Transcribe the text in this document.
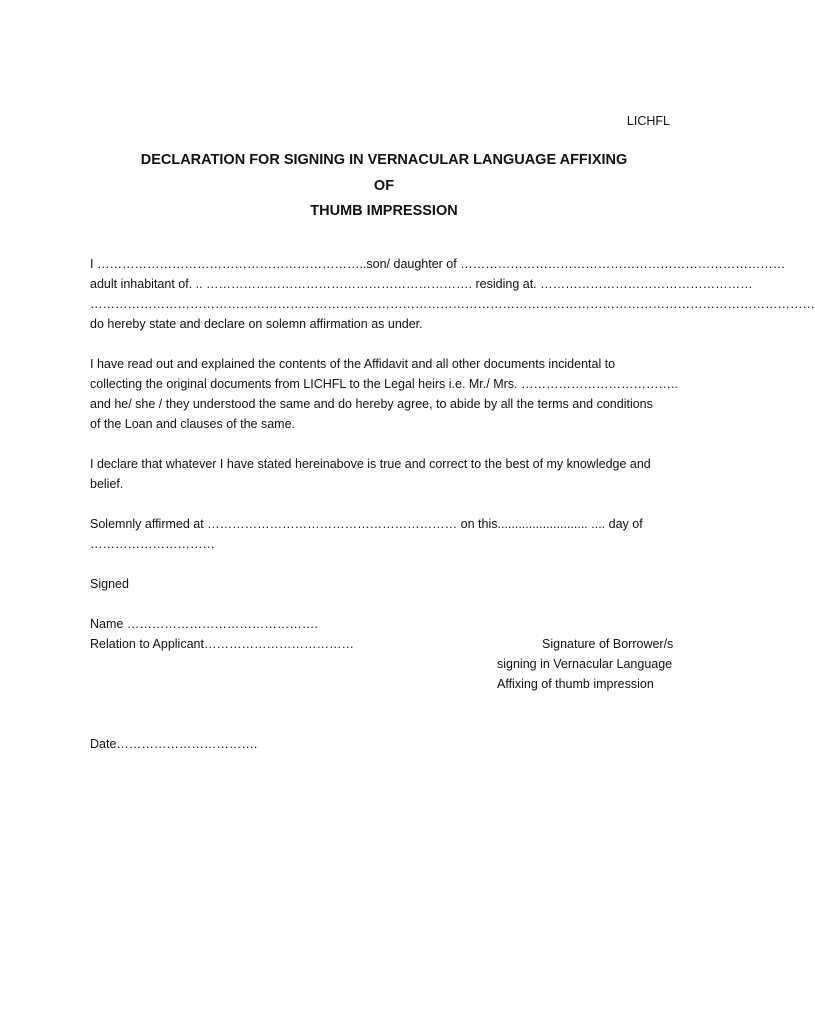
LICHFL
DECLARATION FOR SIGNING IN VERNACULAR LANGUAGE AFFIXING
OF
THUMB IMPRESSION
I ………………………………………………………..son/ daughter of ……………………………………………………………………
adult inhabitant of. .. ………………………………………………………. residing at. ……………………………………………
…………………………………………………………………………………………………………………………………………………………
do hereby state and declare on solemn affirmation as under.
I have read out and explained the contents of the Affidavit and all other documents incidental to
collecting the original documents from LICHFL to the Legal heirs i.e. Mr./ Mrs. ………………………………..
and he/ she / they understood the same and do hereby agree, to abide by all the terms and conditions
of the Loan and clauses of the same.
I declare that whatever I have stated hereinabove is true and correct to the best of my knowledge and
belief.
Solemnly affirmed at …………………………………………………… on this.......................... .... day of
…………………………
Signed
Name ……………………………………….
Relation to Applicant………………………………	Signature of Borrower/s
signing in Vernacular Language
Affixing of thumb impression
Date…………………………….
